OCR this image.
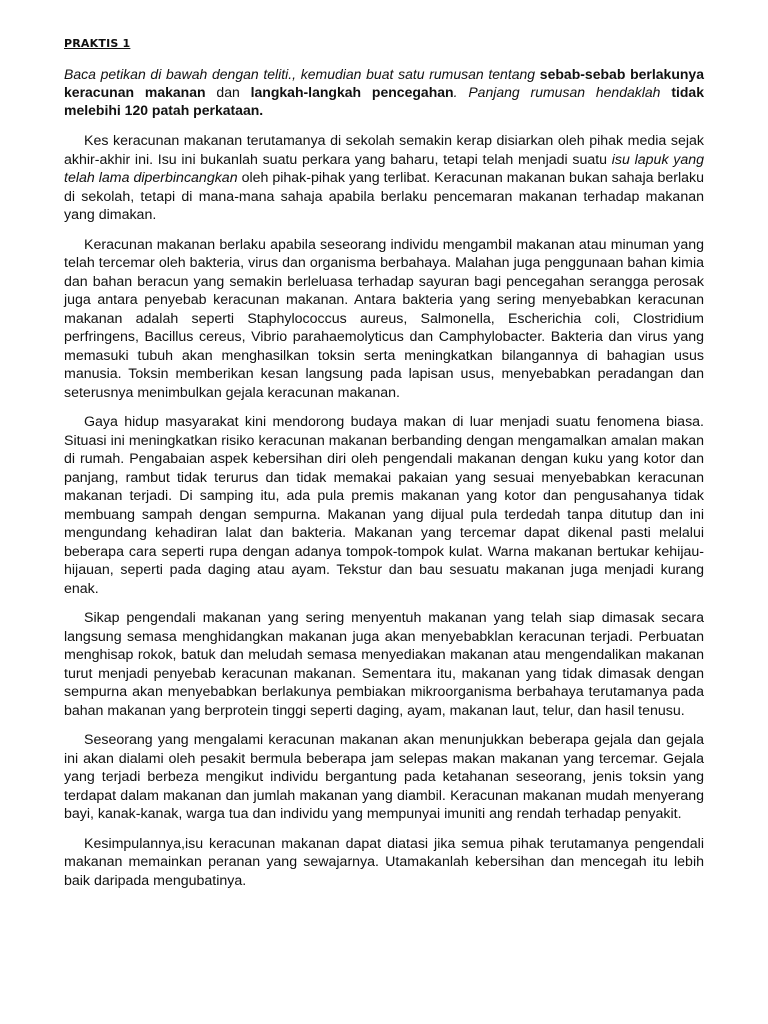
PRAKTIS 1
Baca petikan di bawah dengan teliti., kemudian buat satu rumusan tentang sebab-sebab berlakunya keracunan makanan dan langkah-langkah pencegahan. Panjang rumusan hendaklah tidak melebihi 120 patah perkataan.

Kes keracunan makanan terutamanya di sekolah semakin kerap disiarkan oleh pihak media sejak akhir-akhir ini. Isu ini bukanlah suatu perkara yang baharu, tetapi telah menjadi suatu isu lapuk yang telah lama diperbincangkan oleh pihak-pihak yang terlibat. Keracunan makanan bukan sahaja berlaku di sekolah, tetapi di mana-mana sahaja apabila berlaku pencemaran makanan terhadap makanan yang dimakan.

Keracunan makanan berlaku apabila seseorang individu mengambil makanan atau minuman yang telah tercemar oleh bakteria, virus dan organisma berbahaya. Malahan juga penggunaan bahan kimia dan bahan beracun yang semakin berleluasa terhadap sayuran bagi pencegahan serangga perosak juga antara penyebab keracunan makanan. Antara bakteria yang sering menyebabkan keracunan makanan adalah seperti Staphylococcus aureus, Salmonella, Escherichia coli, Clostridium perfringens, Bacillus cereus, Vibrio parahaemolyticus dan Camphylobacter. Bakteria dan virus yang memasuki tubuh akan menghasilkan toksin serta meningkatkan bilangannya di bahagian usus manusia. Toksin memberikan kesan langsung pada lapisan usus, menyebabkan peradangan dan seterusnya menimbulkan gejala keracunan makanan.

Gaya hidup masyarakat kini mendorong budaya makan di luar menjadi suatu fenomena biasa. Situasi ini meningkatkan risiko keracunan makanan berbanding dengan mengamalkan amalan makan di rumah. Pengabaian aspek kebersihan diri oleh pengendali makanan dengan kuku yang kotor dan panjang, rambut tidak terurus dan tidak memakai pakaian yang sesuai menyebabkan keracunan makanan terjadi. Di samping itu, ada pula premis makanan yang kotor dan pengusahanya tidak membuang sampah dengan sempurna. Makanan yang dijual pula terdedah tanpa ditutup dan ini mengundang kehadiran lalat dan bakteria. Makanan yang tercemar dapat dikenal pasti melalui beberapa cara seperti rupa dengan adanya tompok-tompok kulat. Warna makanan bertukar kehijau-hijauan, seperti pada daging atau ayam. Tekstur dan bau sesuatu makanan juga menjadi kurang enak.

Sikap pengendali makanan yang sering menyentuh makanan yang telah siap dimasak secara langsung semasa menghidangkan makanan juga akan menyebabklan keracunan terjadi. Perbuatan menghisap rokok, batuk dan meludah semasa menyediakan makanan atau mengendalikan makanan turut menjadi penyebab keracunan makanan. Sementara itu, makanan yang tidak dimasak dengan sempurna akan menyebabkan berlakunya pembiakan mikroorganisma berbahaya terutamanya pada bahan makanan yang berprotein tinggi seperti daging, ayam, makanan laut, telur, dan hasil tenusu.

Seseorang yang mengalami keracunan makanan akan menunjukkan beberapa gejala dan gejala ini akan dialami oleh pesakit bermula beberapa jam selepas makan makanan yang tercemar. Gejala yang terjadi berbeza mengikut individu bergantung pada ketahanan seseorang, jenis toksin yang terdapat dalam makanan dan jumlah makanan yang diambil. Keracunan makanan mudah menyerang bayi, kanak-kanak, warga tua dan individu yang mempunyai imuniti ang rendah terhadap penyakit.

Kesimpulannya,isu keracunan makanan dapat diatasi jika semua pihak terutamanya pengendali makanan memainkan peranan yang sewajarnya. Utamakanlah kebersihan dan mencegah itu lebih baik daripada mengubatinya.
